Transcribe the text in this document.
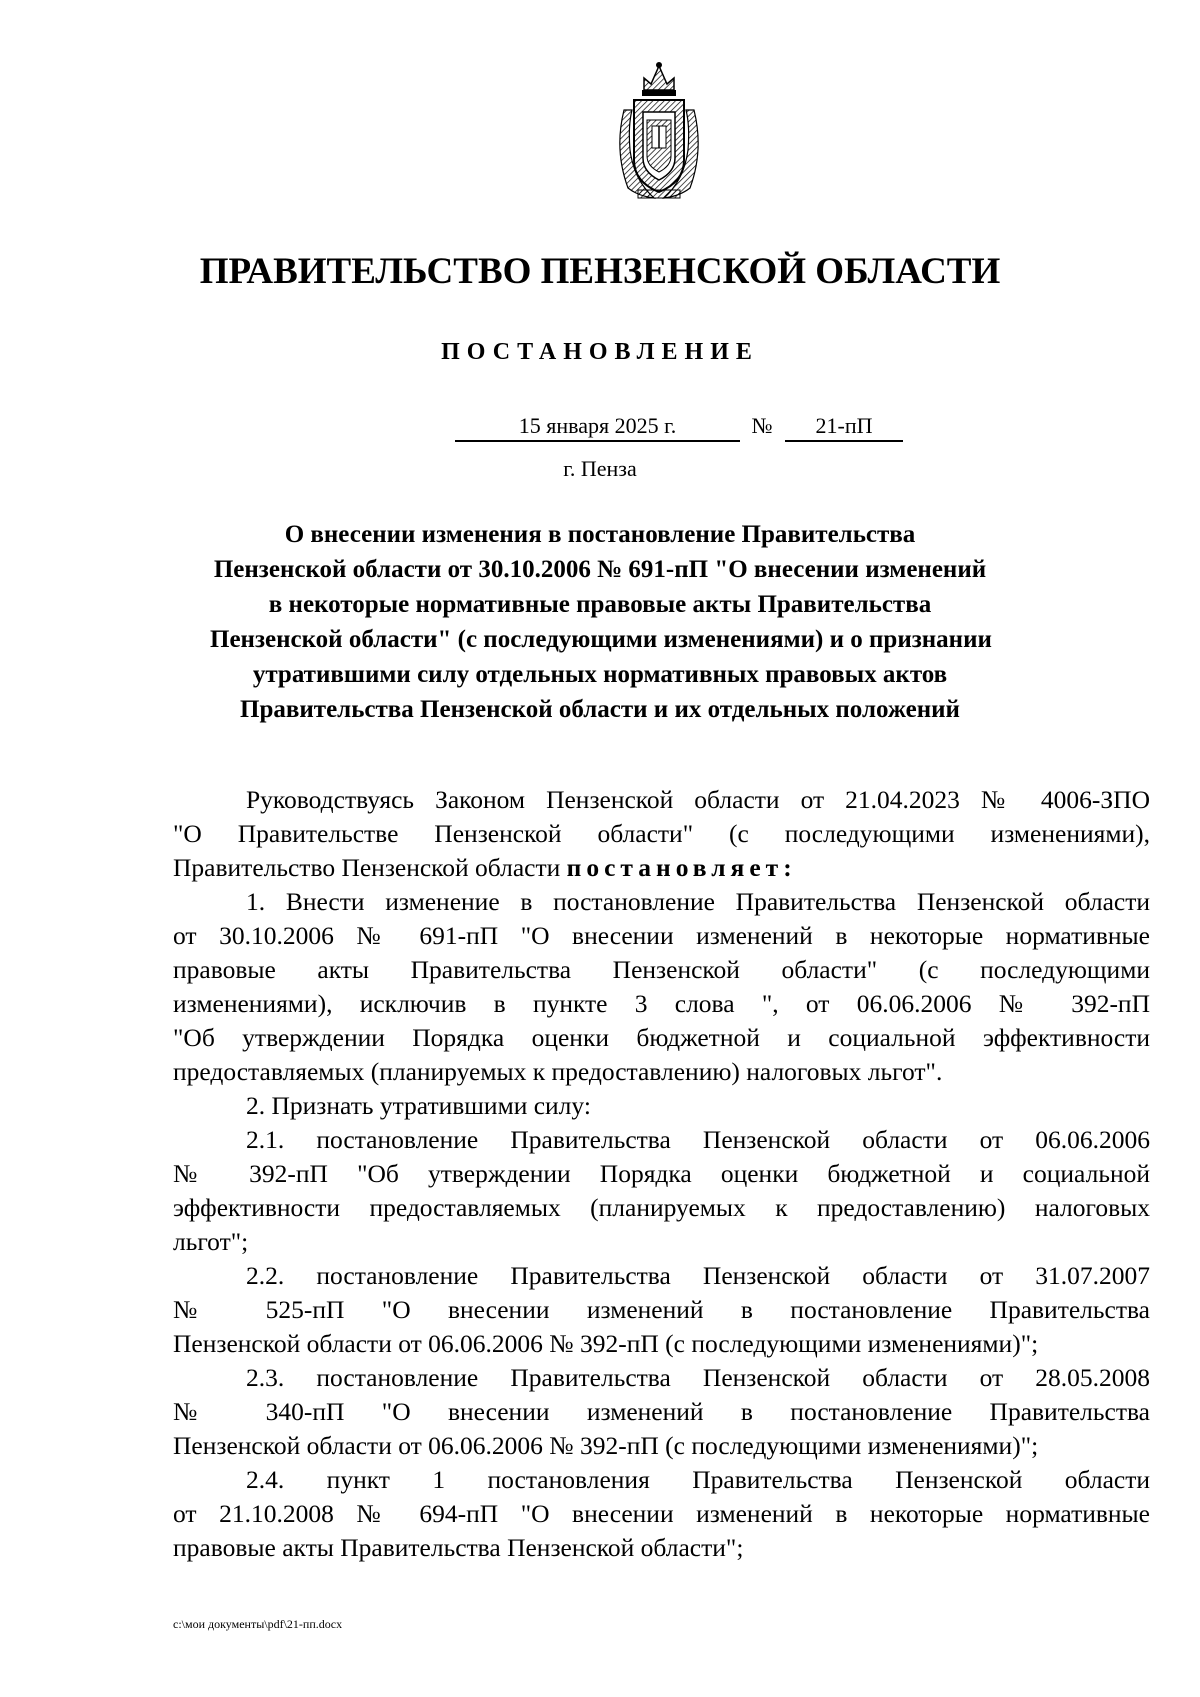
ПРАВИТЕЛЬСТВО ПЕНЗЕНСКОЙ ОБЛАСТИ
ПОСТАНОВЛЕНИЕ
15 января 2025 г.	№	21-пП
г. Пенза
О внесении изменения в постановление Правительства
Пензенской области от 30.10.2006 № 691-пП "О внесении изменений
в некоторые нормативные правовые акты Правительства
Пензенской области" (с последующими изменениями) и о признании
утратившими силу отдельных нормативных правовых актов
Правительства Пензенской области и их отдельных положений
Руководствуясь Законом Пензенской области от 21.04.2023 № 4006-ЗПО
"О Правительстве Пензенской области" (с последующими изменениями),
Правительство Пензенской области постановляет:
1. Внести изменение в постановление Правительства Пензенской области
от 30.10.2006 № 691-пП "О внесении изменений в некоторые нормативные
правовые акты Правительства Пензенской области" (с последующими
изменениями), исключив в пункте 3 слова ", от 06.06.2006 № 392-пП
"Об утверждении Порядка оценки бюджетной и социальной эффективности
предоставляемых (планируемых к предоставлению) налоговых льгот".
2. Признать утратившими силу:
2.1. постановление Правительства Пензенской области от 06.06.2006
№ 392-пП "Об утверждении Порядка оценки бюджетной и социальной
эффективности предоставляемых (планируемых к предоставлению) налоговых
льгот";
2.2. постановление Правительства Пензенской области от 31.07.2007
№ 525-пП "О внесении изменений в постановление Правительства
Пензенской области от 06.06.2006 № 392-пП (с последующими изменениями)";
2.3. постановление Правительства Пензенской области от 28.05.2008
№ 340-пП "О внесении изменений в постановление Правительства
Пензенской области от 06.06.2006 № 392-пП (с последующими изменениями)";
2.4. пункт 1 постановления Правительства Пензенской области
от 21.10.2008 № 694-пП "О внесении изменений в некоторые нормативные
правовые акты Правительства Пензенской области";
c:\мои документы\pdf\21-пп.docx
